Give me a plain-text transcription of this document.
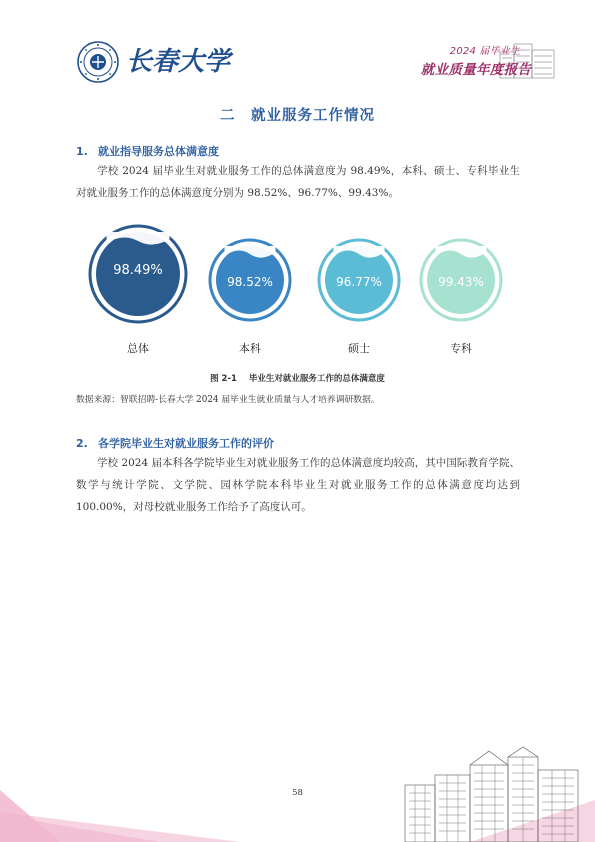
长春大学	2024 届毕业生
就业质量年度报告
二　就业服务工作情况
1. 就业指导服务总体满意度
学校 2024 届毕业生对就业服务工作的总体满意度为 98.49%，本科、硕士、专科毕业生对就业服务工作的总体满意度分别为 98.52%、96.77%、99.43%。
98.49%
总体
98.52%
本科
96.77%
硕士
99.43%
专科
图 2-1 毕业生对就业服务工作的总体满意度
数据来源：智联招聘-长春大学 2024 届毕业生就业质量与人才培养调研数据。
2. 各学院毕业生对就业服务工作的评价
学校 2024 届本科各学院毕业生对就业服务工作的总体满意度均较高，其中国际教育学院、数学与统计学院、文学院、园林学院本科毕业生对就业服务工作的总体满意度均达到 100.00%，对母校就业服务工作给予了高度认可。
58
